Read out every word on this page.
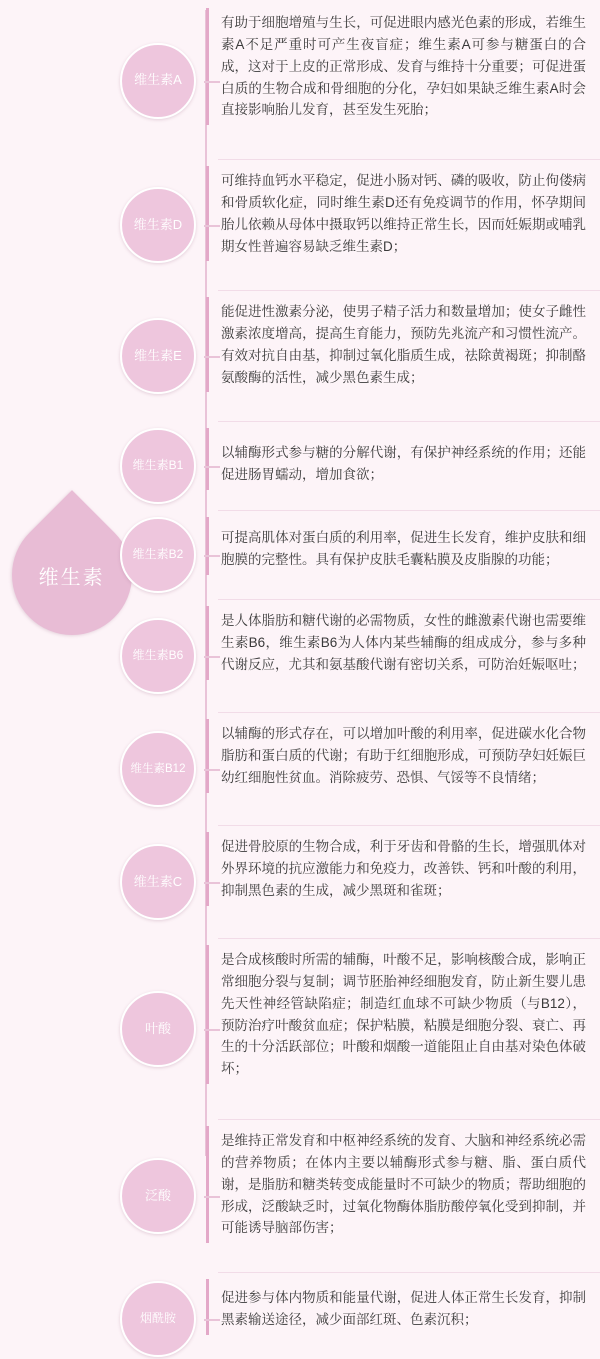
维生素
维生素A
有助于细胞增殖与生长，可促进眼内感光色素的形成，若维生素A不足严重时可产生夜盲症；维生素A可参与糖蛋白的合成，这对于上皮的正常形成、发育与维持十分重要；可促进蛋白质的生物合成和骨细胞的分化，孕妇如果缺乏维生素A时会直接影响胎儿发育，甚至发生死胎；
维生素D
可维持血钙水平稳定，促进小肠对钙、磷的吸收，防止佝偻病和骨质软化症，同时维生素D还有免疫调节的作用，怀孕期间胎儿依赖从母体中摄取钙以维持正常生长，因而妊娠期或哺乳期女性普遍容易缺乏维生素D；
维生素E
能促进性激素分泌，使男子精子活力和数量增加；使女子雌性激素浓度增高，提高生育能力，预防先兆流产和习惯性流产。有效对抗自由基，抑制过氧化脂质生成，祛除黄褐斑；抑制酪氨酸酶的活性，减少黑色素生成；
维生素B1
以辅酶形式参与糖的分解代谢，有保护神经系统的作用；还能促进肠胃蠕动，增加食欲；
维生素B2
可提高肌体对蛋白质的利用率，促进生长发育，维护皮肤和细胞膜的完整性。具有保护皮肤毛囊粘膜及皮脂腺的功能；
维生素B6
是人体脂肪和糖代谢的必需物质，女性的雌激素代谢也需要维生素B6，维生素B6为人体内某些辅酶的组成成分，参与多种代谢反应，尤其和氨基酸代谢有密切关系，可防治妊娠呕吐；
维生素B12
以辅酶的形式存在，可以增加叶酸的利用率，促进碳水化合物脂肪和蛋白质的代谢；有助于红细胞形成，可预防孕妇妊娠巨幼红细胞性贫血。消除疲劳、恐惧、气馁等不良情绪；
维生素C
促进骨胶原的生物合成，利于牙齿和骨骼的生长，增强肌体对外界环境的抗应激能力和免疫力，改善铁、钙和叶酸的利用，抑制黑色素的生成，减少黑斑和雀斑；
叶酸
是合成核酸时所需的辅酶，叶酸不足，影响核酸合成，影响正常细胞分裂与复制；调节胚胎神经细胞发育，防止新生婴儿患先天性神经管缺陷症；制造红血球不可缺少物质（与B12），预防治疗叶酸贫血症；保护粘膜，粘膜是细胞分裂、衰亡、再生的十分活跃部位；叶酸和烟酸一道能阻止自由基对染色体破坏；
泛酸
是维持正常发育和中枢神经系统的发育、大脑和神经系统必需的营养物质；在体内主要以辅酶形式参与糖、脂、蛋白质代谢，是脂肪和糖类转变成能量时不可缺少的物质；帮助细胞的形成，泛酸缺乏时，过氧化物酶体脂肪酸停氧化受到抑制，并可能诱导脑部伤害；
烟酰胺
促进参与体内物质和能量代谢，促进人体正常生长发育，抑制黑素输送途径，减少面部红斑、色素沉积；
